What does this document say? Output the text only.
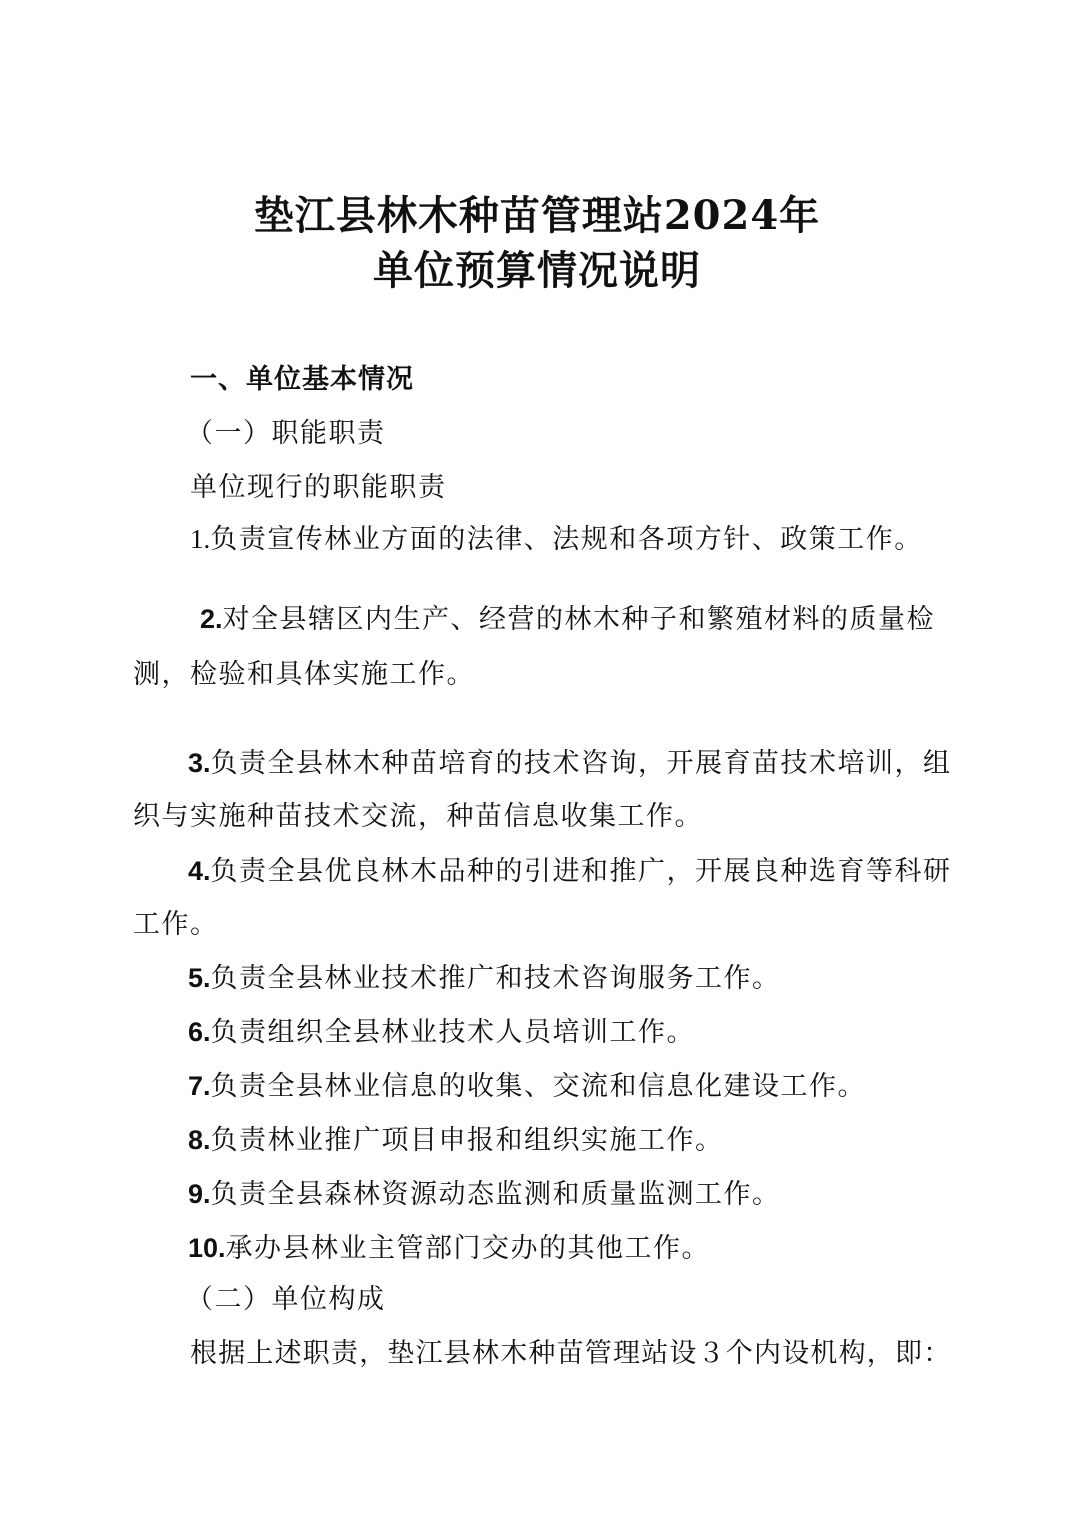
垫江县林木种苗管理站2024年
单位预算情况说明
一、单位基本情况
（一）职能职责
单位现行的职能职责
1.负责宣传林业方面的法律、法规和各项方针、政策工作。
2.对全县辖区内生产、经营的林木种子和繁殖材料的质量检
测，检验和具体实施工作。
3.负责全县林木种苗培育的技术咨询，开展育苗技术培训，组
织与实施种苗技术交流，种苗信息收集工作。
4.负责全县优良林木品种的引进和推广，开展良种选育等科研
工作。
5.负责全县林业技术推广和技术咨询服务工作。
6.负责组织全县林业技术人员培训工作。
7.负责全县林业信息的收集、交流和信息化建设工作。
8.负责林业推广项目申报和组织实施工作。
9.负责全县森林资源动态监测和质量监测工作。
10.承办县林业主管部门交办的其他工作。
（二）单位构成
根据上述职责，垫江县林木种苗管理站设３个内设机构，即：
